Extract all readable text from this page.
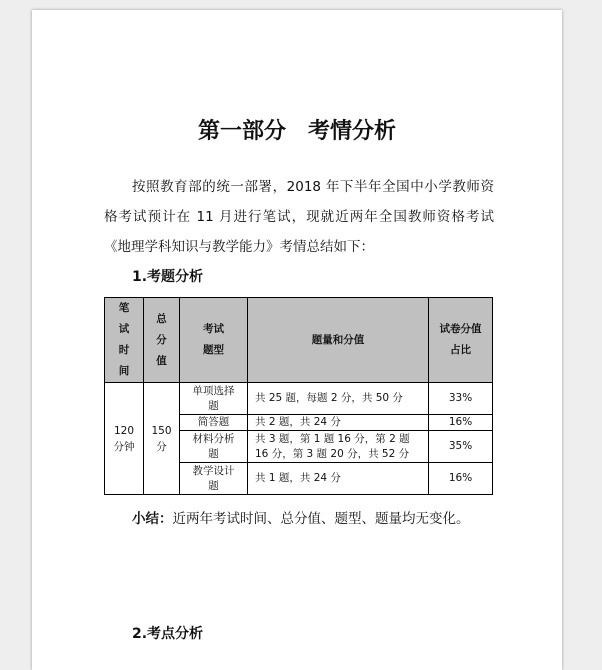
第一部分　考情分析
按照教育部的统一部署，2018 年下半年全国中小学教师资格考试预计在 11 月进行笔试，现就近两年全国教师资格考试《地理学科知识与教学能力》考情总结如下：
1.考题分析
笔试时间	总分值	考试题型	题量和分值	试卷分值占比

120 分钟	150 分	单项选择题	共 25 题，每题 2 分，共 50 分	33%
		简答题	共 2 题，共 24 分	16%

		材料分析题	共 3 题，第 1 题 16 分，第 2 题 16 分，第 3 题 20 分，共 52 分	35%

		教学设计题	共 1 题，共 24 分	16%
小结：近两年考试时间、总分值、题型、题量均无变化。
2.考点分析
